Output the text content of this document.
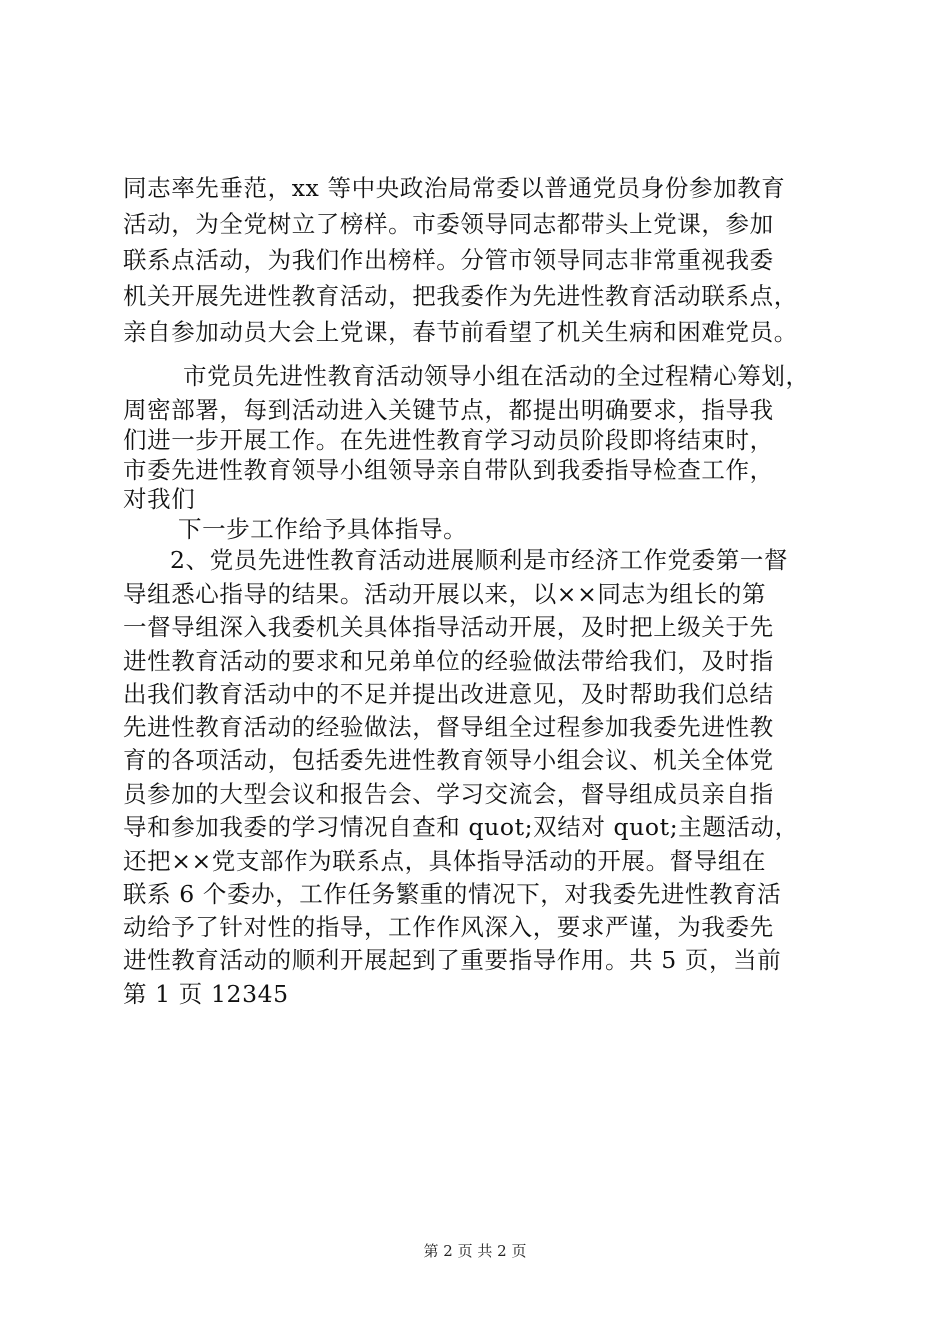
同志率先垂范，xx 等中央政治局常委以普通党员身份参加教育
活动，为全党树立了榜样。市委领导同志都带头上党课，参加
联系点活动，为我们作出榜样。分管市领导同志非常重视我委
机关开展先进性教育活动，把我委作为先进性教育活动联系点，
亲自参加动员大会上党课，春节前看望了机关生病和困难党员。
市党员先进性教育活动领导小组在活动的全过程精心筹划，
周密部署，每到活动进入关键节点，都提出明确要求，指导我
们进一步开展工作。在先进性教育学习动员阶段即将结束时，
市委先进性教育领导小组领导亲自带队到我委指导检查工作，
对我们
下一步工作给予具体指导。
2、党员先进性教育活动进展顺利是市经济工作党委第一督
导组悉心指导的结果。活动开展以来，以××同志为组长的第
一督导组深入我委机关具体指导活动开展，及时把上级关于先
进性教育活动的要求和兄弟单位的经验做法带给我们，及时指
出我们教育活动中的不足并提出改进意见，及时帮助我们总结
先进性教育活动的经验做法，督导组全过程参加我委先进性教
育的各项活动，包括委先进性教育领导小组会议、机关全体党
员参加的大型会议和报告会、学习交流会，督导组成员亲自指
导和参加我委的学习情况自查和 quot;双结对 quot;主题活动，
还把××党支部作为联系点，具体指导活动的开展。督导组在
联系 6 个委办，工作任务繁重的情况下，对我委先进性教育活
动给予了针对性的指导，工作作风深入，要求严谨，为我委先
进性教育活动的顺利开展起到了重要指导作用。共 5 页，当前
第 1 页 12345
第 2 页 共 2 页
